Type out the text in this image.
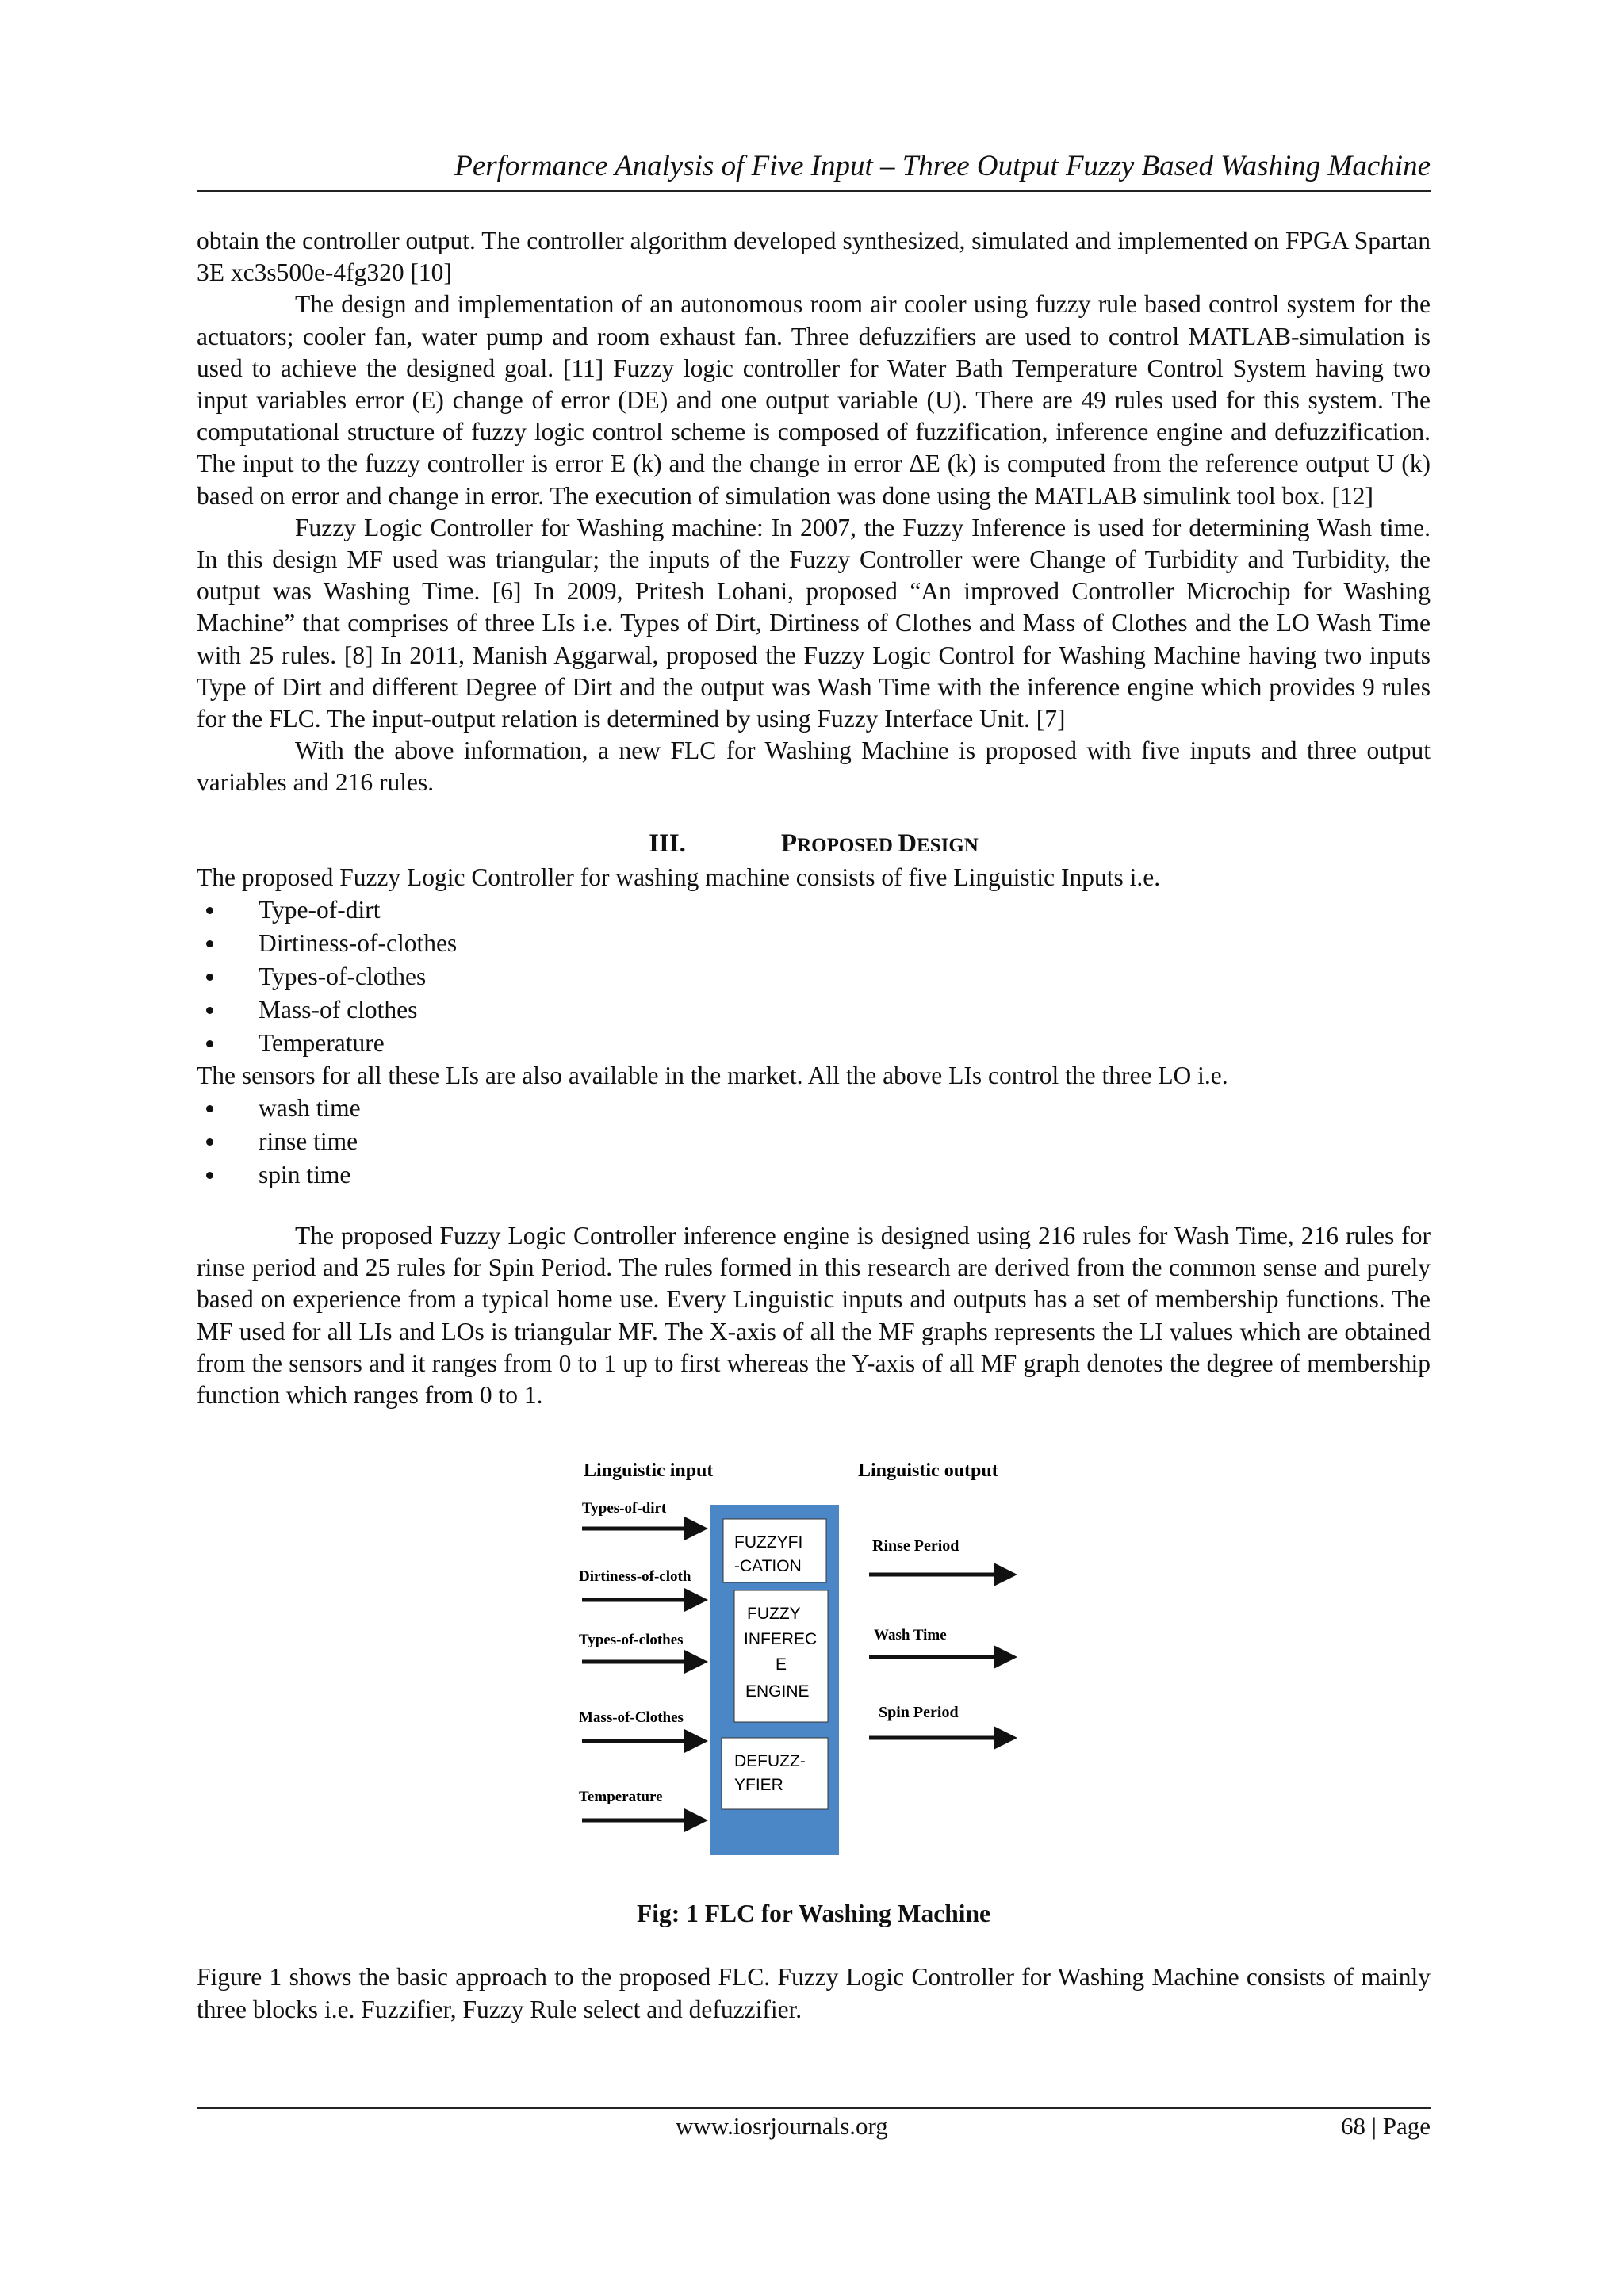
Performance Analysis of Five Input – Three Output Fuzzy Based Washing Machine

obtain the controller output. The controller algorithm developed synthesized, simulated and implemented on FPGA Spartan 3E xc3s500e-4fg320 [10]

The design and implementation of an autonomous room air cooler using fuzzy rule based control system for the actuators; cooler fan, water pump and room exhaust fan. Three defuzzifiers are used to control MATLAB-simulation is used to achieve the designed goal. [11] Fuzzy logic controller for Water Bath Temperature Control System having two input variables error (E) change of error (DE) and one output variable (U). There are 49 rules used for this system. The computational structure of fuzzy logic control scheme is composed of fuzzification, inference engine and defuzzification. The input to the fuzzy controller is error E (k) and the change in error ΔE (k) is computed from the reference output U (k) based on error and change in error. The execution of simulation was done using the MATLAB simulink tool box. [12]

Fuzzy Logic Controller for Washing machine: In 2007, the Fuzzy Inference is used for determining Wash time. In this design MF used was triangular; the inputs of the Fuzzy Controller were Change of Turbidity and Turbidity, the output was Washing Time. [6] In 2009, Pritesh Lohani, proposed “An improved Controller Microchip for Washing Machine” that comprises of three LIs i.e. Types of Dirt, Dirtiness of Clothes and Mass of Clothes and the LO Wash Time with 25 rules. [8] In 2011, Manish Aggarwal, proposed the Fuzzy Logic Control for Washing Machine having two inputs Type of Dirt and different Degree of Dirt and the output was Wash Time with the inference engine which provides 9 rules for the FLC. The input-output relation is determined by using Fuzzy Interface Unit. [7]

With the above information, a new FLC for Washing Machine is proposed with five inputs and three output variables and 216 rules.

III.	PROPOSED DESIGN

The proposed Fuzzy Logic Controller for washing machine consists of five Linguistic Inputs i.e.

Type-of-dirt
Dirtiness-of-clothes
Types-of-clothes
Mass-of clothes
Temperature

The sensors for all these LIs are also available in the market. All the above LIs control the three LO i.e.

wash time
rinse time
spin time

The proposed Fuzzy Logic Controller inference engine is designed using 216 rules for Wash Time, 216 rules for rinse period and 25 rules for Spin Period. The rules formed in this research are derived from the common sense and purely based on experience from a typical home use. Every Linguistic inputs and outputs has a set of membership functions. The MF used for all LIs and LOs is triangular MF. The X-axis of all the MF graphs represents the LI values which are obtained from the sensors and it ranges from 0 to 1 up to first whereas the Y-axis of all MF graph denotes the degree of membership function which ranges from 0 to 1.

Linguistic input	Linguistic output
FUZZYFI
-CATION
FUZZY
INFEREC
E
ENGINE
DEFUZZ-
YFIER
Types-of-dirt
Dirtiness-of-cloth
Types-of-clothes
Mass-of-Clothes
Temperature
Rinse Period
Wash Time
Spin Period
Fig: 1 FLC for Washing Machine

Figure 1 shows the basic approach to the proposed FLC. Fuzzy Logic Controller for Washing Machine consists of mainly three blocks i.e. Fuzzifier, Fuzzy Rule select and defuzzifier.

www.iosrjournals.org	68 | Page
